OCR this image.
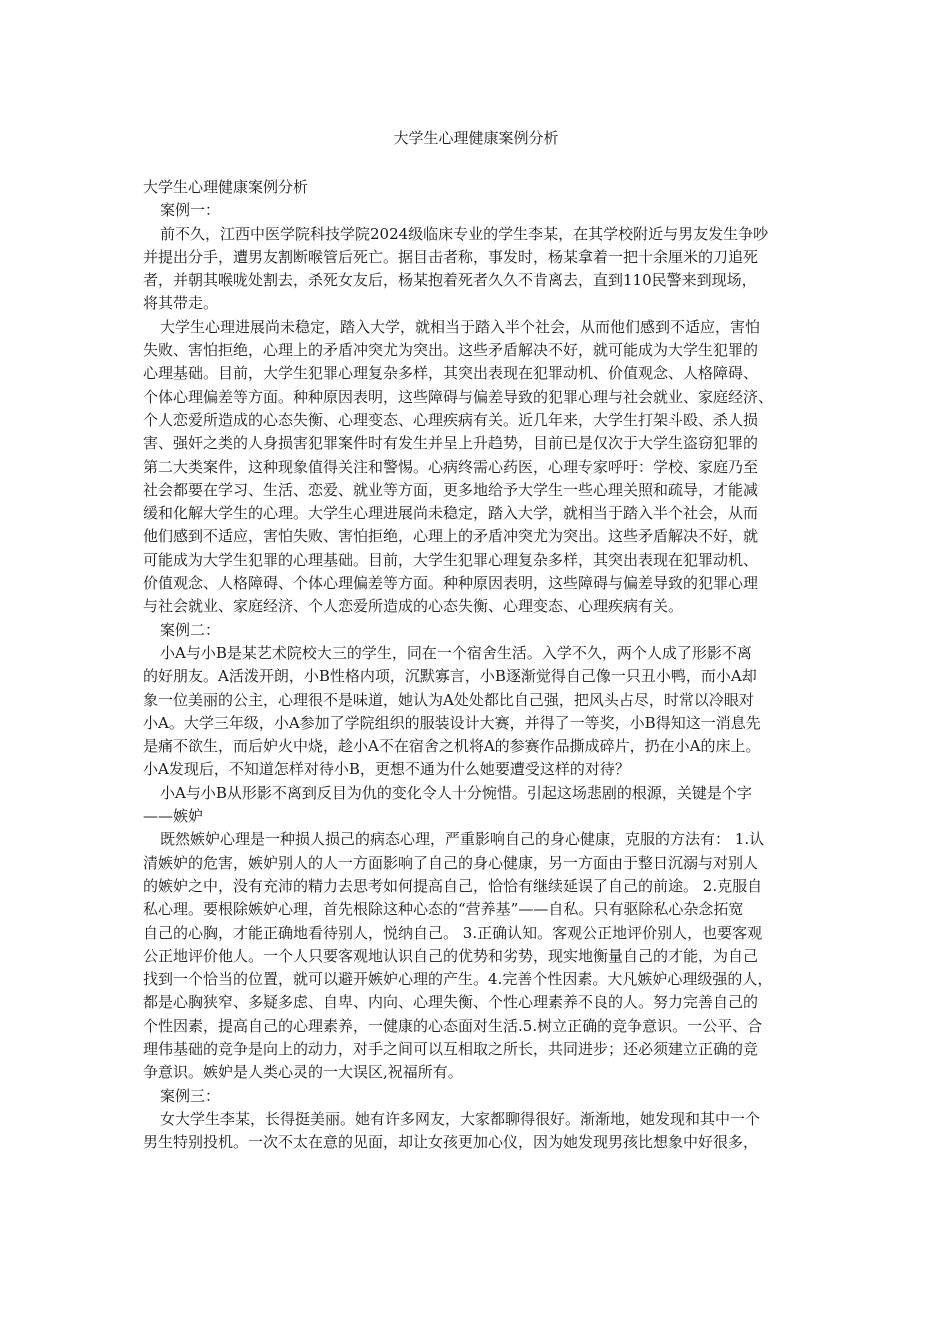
大学生心理健康案例分析
大学生心理健康案例分析
案例一：
前不久，江西中医学院科技学院2024级临床专业的学生李某，在其学校附近与男友发生争吵
并提出分手，遭男友割断喉管后死亡。据目击者称，事发时，杨某拿着一把十余厘米的刀追死
者，并朝其喉咙处割去，杀死女友后，杨某抱着死者久久不肯离去，直到110民警来到现场，
将其带走。
大学生心理进展尚未稳定，踏入大学，就相当于踏入半个社会，从而他们感到不适应，害怕
失败、害怕拒绝，心理上的矛盾冲突尤为突出。这些矛盾解决不好，就可能成为大学生犯罪的
心理基础。目前，大学生犯罪心理复杂多样，其突出表现在犯罪动机、价值观念、人格障碍、
个体心理偏差等方面。种种原因表明，这些障碍与偏差导致的犯罪心理与社会就业、家庭经济、
个人恋爱所造成的心态失衡、心理变态、心理疾病有关。近几年来，大学生打架斗殴、杀人损
害、强奸之类的人身损害犯罪案件时有发生并呈上升趋势，目前已是仅次于大学生盗窃犯罪的
第二大类案件，这种现象值得关注和警惕。心病终需心药医，心理专家呼吁：学校、家庭乃至
社会都要在学习、生活、恋爱、就业等方面，更多地给予大学生一些心理关照和疏导，才能减
缓和化解大学生的心理。大学生心理进展尚未稳定，踏入大学，就相当于踏入半个社会，从而
他们感到不适应，害怕失败、害怕拒绝，心理上的矛盾冲突尤为突出。这些矛盾解决不好，就
可能成为大学生犯罪的心理基础。目前，大学生犯罪心理复杂多样，其突出表现在犯罪动机、
价值观念、人格障碍、个体心理偏差等方面。种种原因表明，这些障碍与偏差导致的犯罪心理
与社会就业、家庭经济、个人恋爱所造成的心态失衡、心理变态、心理疾病有关。
案例二：
小A与小B是某艺术院校大三的学生，同在一个宿舍生活。入学不久，两个人成了形影不离
的好朋友。A活泼开朗，小B性格内项，沉默寡言，小B逐渐觉得自己像一只丑小鸭，而小A却
象一位美丽的公主，心理很不是味道，她认为A处处都比自己强，把风头占尽，时常以冷眼对
小A。大学三年级，小A参加了学院组织的服装设计大赛，并得了一等奖，小B得知这一消息先
是痛不欲生，而后妒火中烧，趁小A不在宿舍之机将A的参赛作品撕成碎片，扔在小A的床上。
小A发现后，不知道怎样对待小B，更想不通为什么她要遭受这样的对待？
小A与小B从形影不离到反目为仇的变化令人十分惋惜。引起这场悲剧的根源，关键是个字
——嫉妒
既然嫉妒心理是一种损人损己的病态心理，严重影响自己的身心健康，克服的方法有： 1.认
清嫉妒的危害，嫉妒别人的人一方面影响了自己的身心健康，另一方面由于整日沉溺与对别人
的嫉妒之中，没有充沛的精力去思考如何提高自己，恰恰有继续延误了自己的前途。 2.克服自
私心理。要根除嫉妒心理，首先根除这种心态的“营养基”——自私。只有驱除私心杂念拓宽
自己的心胸，才能正确地看待别人，悦纳自己。 3.正确认知。客观公正地评价别人，也要客观
公正地评价他人。一个人只要客观地认识自己的优势和劣势，现实地衡量自己的才能，为自己
找到一个恰当的位置，就可以避开嫉妒心理的产生。4.完善个性因素。大凡嫉妒心理级强的人，
都是心胸狭窄、多疑多虑、自卑、内向、心理失衡、个性心理素养不良的人。努力完善自己的
个性因素，提高自己的心理素养，一健康的心态面对生活.5.树立正确的竞争意识。一公平、合
理伟基础的竞争是向上的动力，对手之间可以互相取之所长，共同进步；还必须建立正确的竞
争意识。嫉妒是人类心灵的一大误区,祝福所有。
案例三：
女大学生李某，长得挺美丽。她有许多网友，大家都聊得很好。渐渐地，她发现和其中一个
男生特别投机。一次不太在意的见面，却让女孩更加心仪，因为她发现男孩比想象中好很多，
